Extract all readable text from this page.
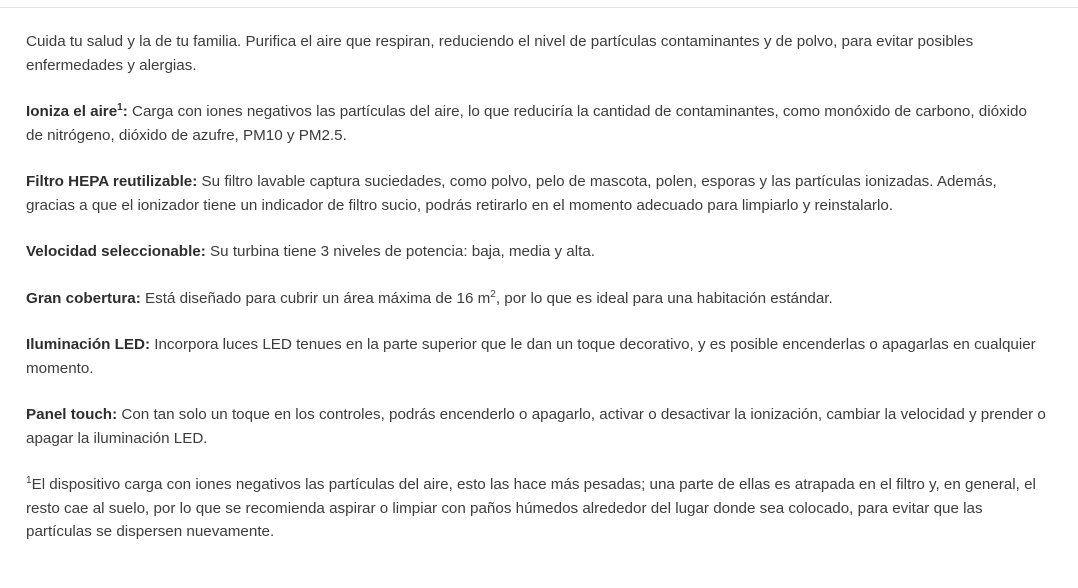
Cuida tu salud y la de tu familia. Purifica el aire que respiran, reduciendo el nivel de partículas contaminantes y de polvo, para evitar posibles enfermedades y alergias.

Ioniza el aire$^1$: Carga con iones negativos las partículas del aire, lo que reduciría la cantidad de contaminantes, como monóxido de carbono, dióxido de nitrógeno, dióxido de azufre, PM10 y PM2.5.

Filtro HEPA reutilizable: Su filtro lavable captura suciedades, como polvo, pelo de mascota, polen, esporas y las partículas ionizadas. Además, gracias a que el ionizador tiene un indicador de filtro sucio, podrás retirarlo en el momento adecuado para limpiarlo y reinstalarlo.

Velocidad seleccionable: Su turbina tiene 3 niveles de potencia: baja, media y alta.

Gran cobertura: Está diseñado para cubrir un área máxima de 16 $m^2$, por lo que es ideal para una habitación estándar.

Iluminación LED: Incorpora luces LED tenues en la parte superior que le dan un toque decorativo, y es posible encenderlas o apagarlas en cualquier momento.

Panel touch: Con tan solo un toque en los controles, podrás encenderlo o apagarlo, activar o desactivar la ionización, cambiar la velocidad y prender o apagar la iluminación LED.

$^1$El dispositivo carga con iones negativos las partículas del aire, esto las hace más pesadas; una parte de ellas es atrapada en el filtro y, en general, el resto cae al suelo, por lo que se recomienda aspirar o limpiar con paños húmedos alrededor del lugar donde sea colocado, para evitar que las partículas se dispersen nuevamente.
